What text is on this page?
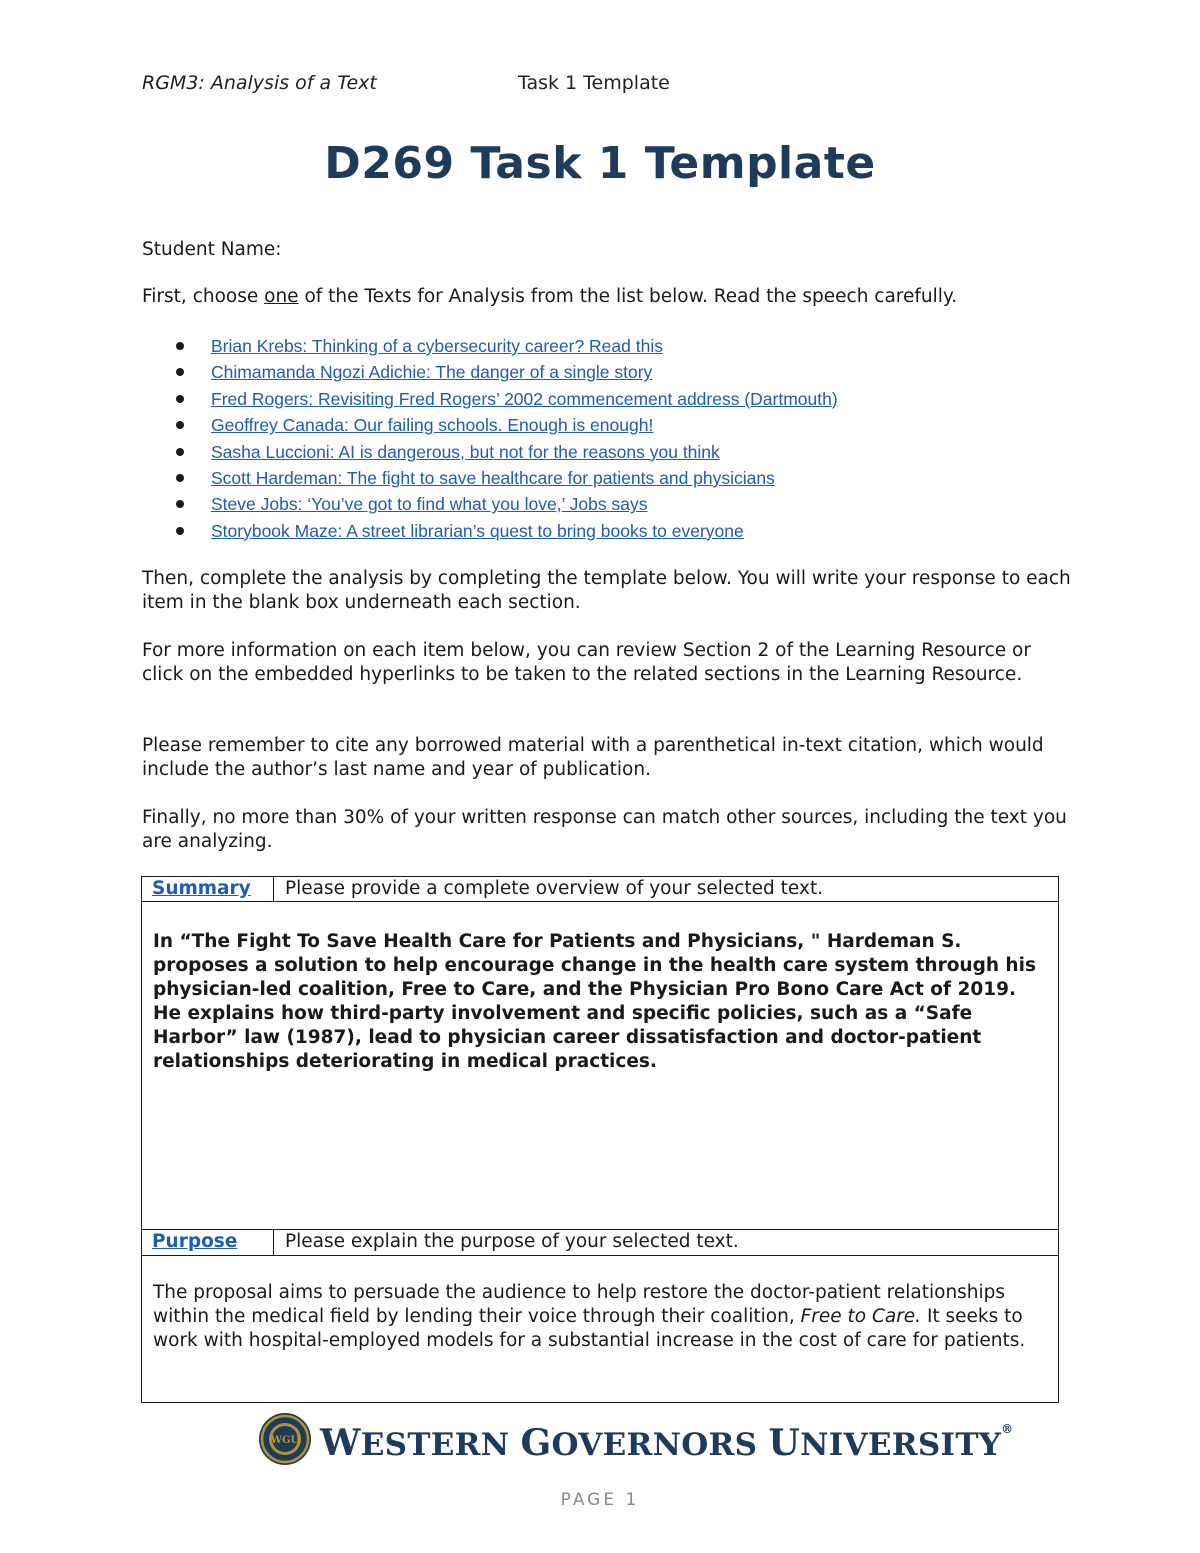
RGM3: Analysis of a Text	Task 1 Template
D269 Task 1 Template
Student Name:
First, choose one of the Texts for Analysis from the list below. Read the speech carefully.
Brian Krebs: Thinking of a cybersecurity career? Read this
Chimamanda Ngozi Adichie: The danger of a single story
Fred Rogers: Revisiting Fred Rogers’ 2002 commencement address (Dartmouth)
Geoffrey Canada: Our failing schools. Enough is enough!
Sasha Luccioni: AI is dangerous, but not for the reasons you think
Scott Hardeman: The fight to save healthcare for patients and physicians
Steve Jobs: ‘You’ve got to find what you love,’ Jobs says
Storybook Maze: A street librarian’s quest to bring books to everyone
Then, complete the analysis by completing the template below. You will write your response to each item in the blank box underneath each section.
For more information on each item below, you can review Section 2 of the Learning Resource or click on the embedded hyperlinks to be taken to the related sections in the Learning Resource.
Please remember to cite any borrowed material with a parenthetical in-text citation, which would include the author’s last name and year of publication.
Finally, no more than 30% of your written response can match other sources, including the text you are analyzing.
Summary	Please provide a complete overview of your selected text.
In “The Fight To Save Health Care for Patients and Physicians, " Hardeman S. proposes a solution to help encourage change in the health care system through his physician-led coalition, Free to Care, and the Physician Pro Bono Care Act of 2019. He explains how third-party involvement and specific policies, such as a “Safe Harbor” law (1987), lead to physician career dissatisfaction and doctor-patient relationships deteriorating in medical practices.
Purpose	Please explain the purpose of your selected text.
The proposal aims to persuade the audience to help restore the doctor-patient relationships within the medical field by lending their voice through their coalition, Free to Care. It seeks to work with hospital-employed models for a substantial increase in the cost of care for patients.
WGU WESTERN GOVERNORS UNIVERSITY®
PAGE 1
